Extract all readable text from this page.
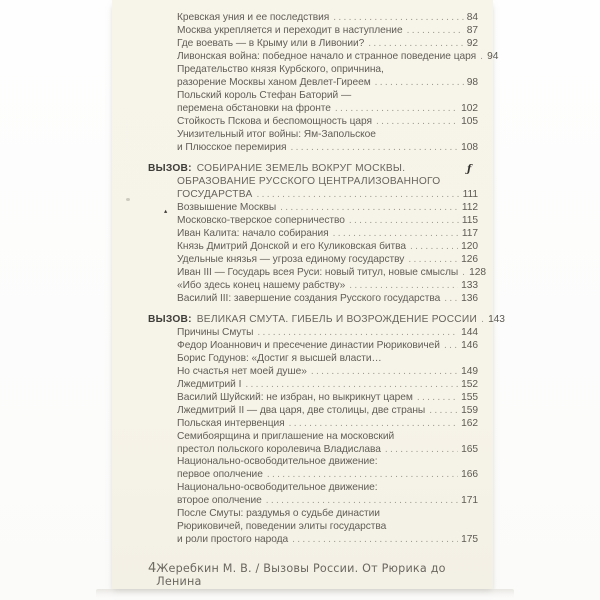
Кревская уния и ее последствия .....	84
Москва укрепляется и переходит в наступление .....	87
Где воевать — в Крыму или в Ливонии? .....	92
Ливонская война: победное начало и странное поведение царя ..... 94
Предательство князя Курбского, опричнина,
разорение Москвы ханом Девлет-Гиреем .....	98
Польский король Стефан Баторий —
перемена обстановки на фронте .....	102
Стойкость Пскова и беспомощность царя .....	105
Унизительный итог войны: Ям-Запольское
и Плюсское перемирия .....	108
ВЫЗОВ: СОБИРАНИЕ ЗЕМЕЛЬ ВОКРУГ МОСКВЫ.
ОБРАЗОВАНИЕ РУССКОГО ЦЕНТРАЛИЗОВАННОГО
ГОСУДАРСТВА .....	111
Возвышение Москвы .....	112
Московско-тверское соперничество .....	115
Иван Калита: начало собирания .....	117
Князь Дмитрий Донской и его Куликовская битва .....	120
Удельные князья — угроза единому государству .....	126
Иван III — Государь всея Руси: новый титул, новые смыслы ..... 128
«Ибо здесь конец нашему рабству» .....	133
Василий III: завершение создания Русского государства ..... 136
ВЫЗОВ: ВЕЛИКАЯ СМУТА. ГИБЕЛЬ И ВОЗРОЖДЕНИЕ РОССИИ ..... 143
Причины Смуты .....	144
Федор Иоаннович и пресечение династии Рюриковичей ..... 146
Борис Годунов: «Достиг я высшей власти…
Но счастья нет моей душе» .....	149
Лжедмитрий I .....	152
Василий Шуйский: не избран, но выкрикнут царем .....	155
Лжедмитрий II — два царя, две столицы, две страны .....	159
Польская интервенция .....	162
Семибоярщина и приглашение на московский
престол польского королевича Владислава .....	165
Национально-освободительное движение:
первое ополчение .....	166
Национально-освободительное движение:
второе ополчение .....	171
После Смуты: раздумья о судьбе династии
Рюриковичей, поведении элиты государства
и роли простого народа .....	175
ƒ
▴
4 Жеребкин М. В. / Вызовы России. От Рюрика до Ленина
